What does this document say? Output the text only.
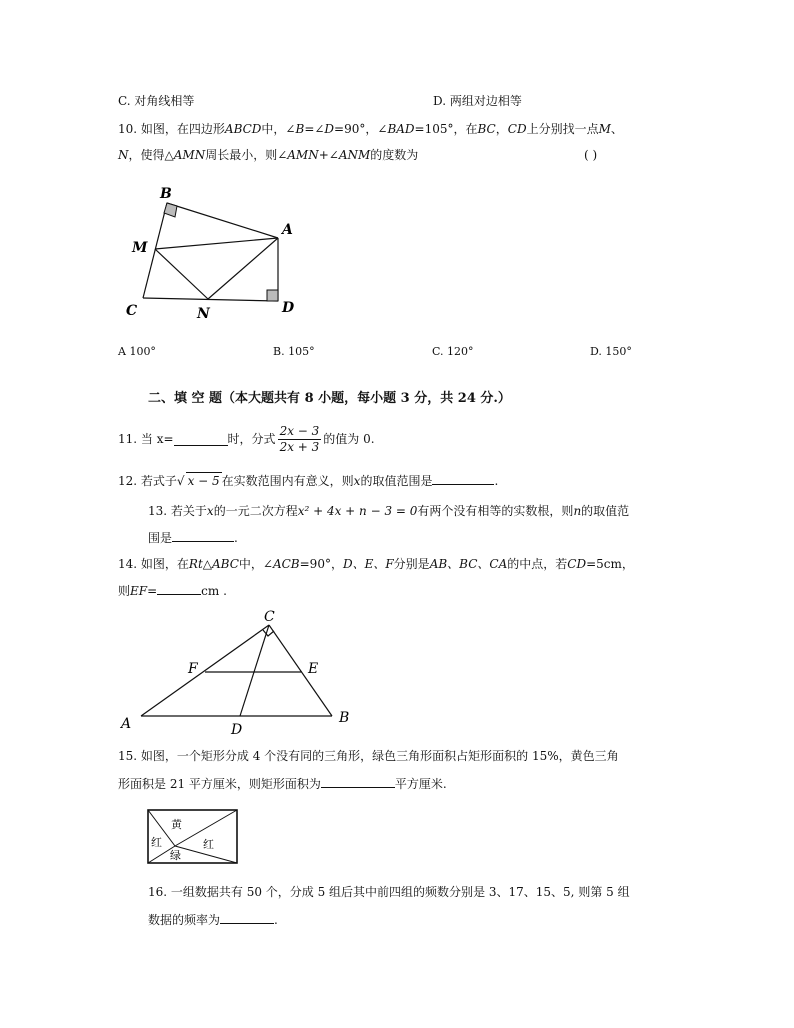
C. 对角线相等	D. 两组对边相等
10. 如图，在四边形ABCD中，∠B=∠D=90°，∠BAD=105°，在BC，CD上分别找一点M、
N，使得△AMN周长最小，则∠AMN+∠ANM的度数为	( )
B
A
M
C	N	D
A 100°	B. 105°	C. 120°	D. 150°
二、填 空 题（本大题共有 8 小题，每小题 3 分，共 24 分.）
11. 当 x=	时，分式 $\frac{2x - 3}{2x + 3}$ 的值为 0.
12. 若式子√ x − 5 在实数范围内有意义，则x的取值范围是	.
13. 若关于x的一元二次方程x² + 4x + n − 3 = 0有两个没有相等的实数根，则n的取值范
围是	.
14. 如图，在Rt△ABC中，∠ACB=90°，D、E、F分别是AB、BC、CA的中点，若CD=5cm，
则EF=	cm .
C
F	E
A	D
B
15. 如图，一个矩形分成 4 个没有同的三角形，绿色三角形面积占矩形面积的 15%，黄色三角
形面积是 21 平方厘米，则矩形面积为	平方厘米.
黄
红	红
绿
16. 一组数据共有 50 个，分成 5 组后其中前四组的频数分别是 3、17、15、5, 则第 5 组
数据的频率为	.
